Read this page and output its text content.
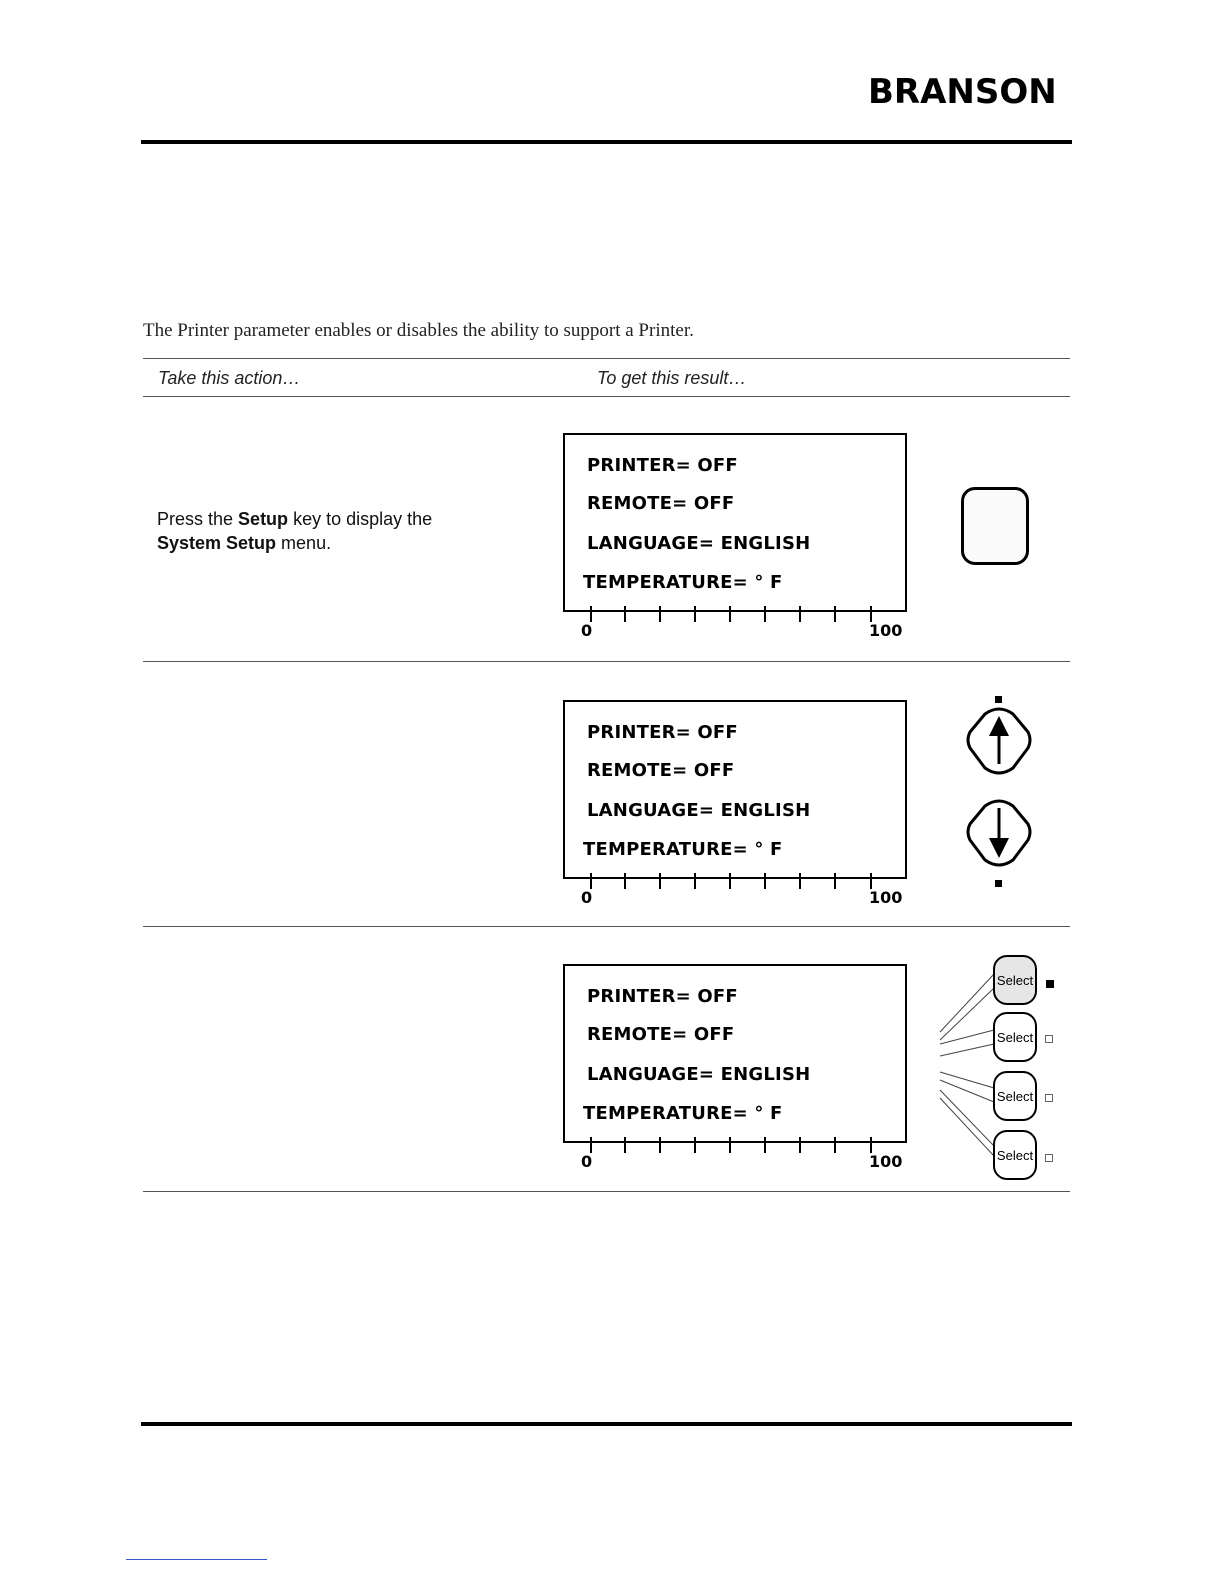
BRANSON
The Printer parameter enables or disables the ability to support a Printer.
Take this action…	To get this result…
Press the Setup key to display the
System Setup menu.
PRINTER= OFF
REMOTE= OFF
LANGUAGE= ENGLISH
TEMPERATURE= ° F
0	100
PRINTER= OFF
REMOTE= OFF
LANGUAGE= ENGLISH
TEMPERATURE= ° F
0	100
PRINTER= OFF
REMOTE= OFF
LANGUAGE= ENGLISH
TEMPERATURE= ° F
0	100
Select
Select
Select
Select
